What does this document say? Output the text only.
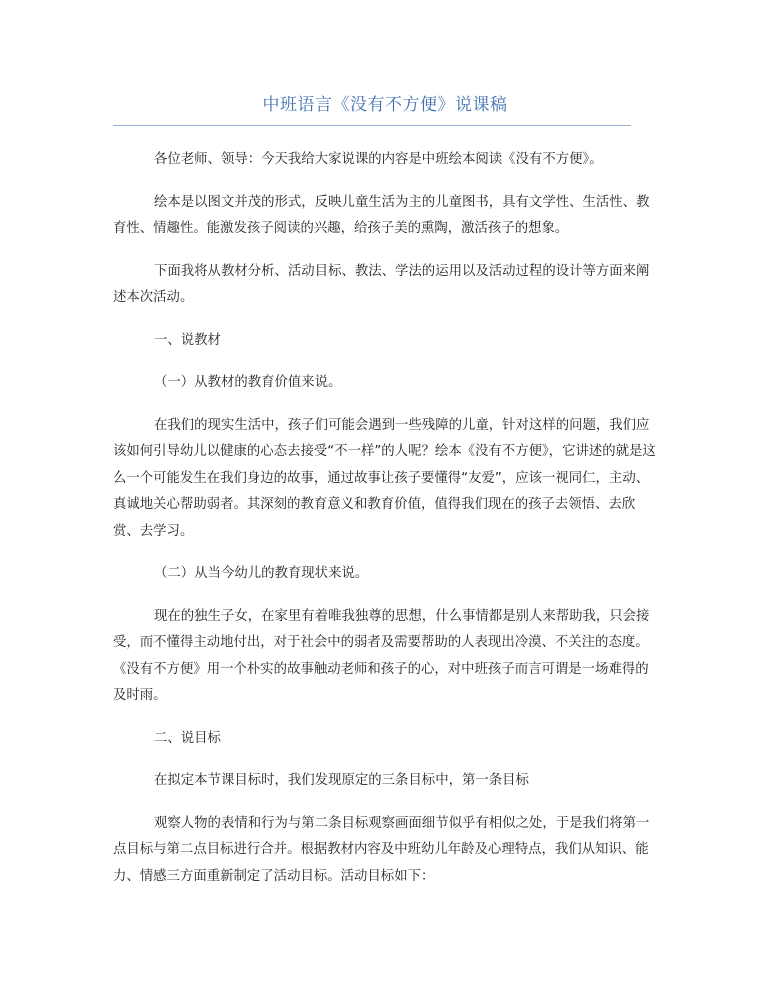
中班语言《没有不方便》说课稿

各位老师、领导：今天我给大家说课的内容是中班绘本阅读《没有不方便》。

绘本是以图文并茂的形式，反映儿童生活为主的儿童图书，具有文学性、生活性、教育性、情趣性。能激发孩子阅读的兴趣，给孩子美的熏陶，激活孩子的想象。

下面我将从教材分析、活动目标、教法、学法的运用以及活动过程的设计等方面来阐述本次活动。

一、说教材

（一）从教材的教育价值来说。

在我们的现实生活中，孩子们可能会遇到一些残障的儿童，针对这样的问题，我们应该如何引导幼儿以健康的心态去接受“不一样”的人呢？绘本《没有不方便》，它讲述的就是这么一个可能发生在我们身边的故事，通过故事让孩子要懂得“友爱”，应该一视同仁，主动、真诚地关心帮助弱者。其深刻的教育意义和教育价值，值得我们现在的孩子去领悟、去欣赏、去学习。

（二）从当今幼儿的教育现状来说。

现在的独生子女，在家里有着唯我独尊的思想，什么事情都是别人来帮助我，只会接受，而不懂得主动地付出，对于社会中的弱者及需要帮助的人表现出冷漠、不关注的态度。《没有不方便》用一个朴实的故事触动老师和孩子的心，对中班孩子而言可谓是一场难得的及时雨。

二、说目标

在拟定本节课目标时，我们发现原定的三条目标中，第一条目标

观察人物的表情和行为与第二条目标观察画面细节似乎有相似之处，于是我们将第一点目标与第二点目标进行合并。根据教材内容及中班幼儿年龄及心理特点，我们从知识、能力、情感三方面重新制定了活动目标。活动目标如下：
